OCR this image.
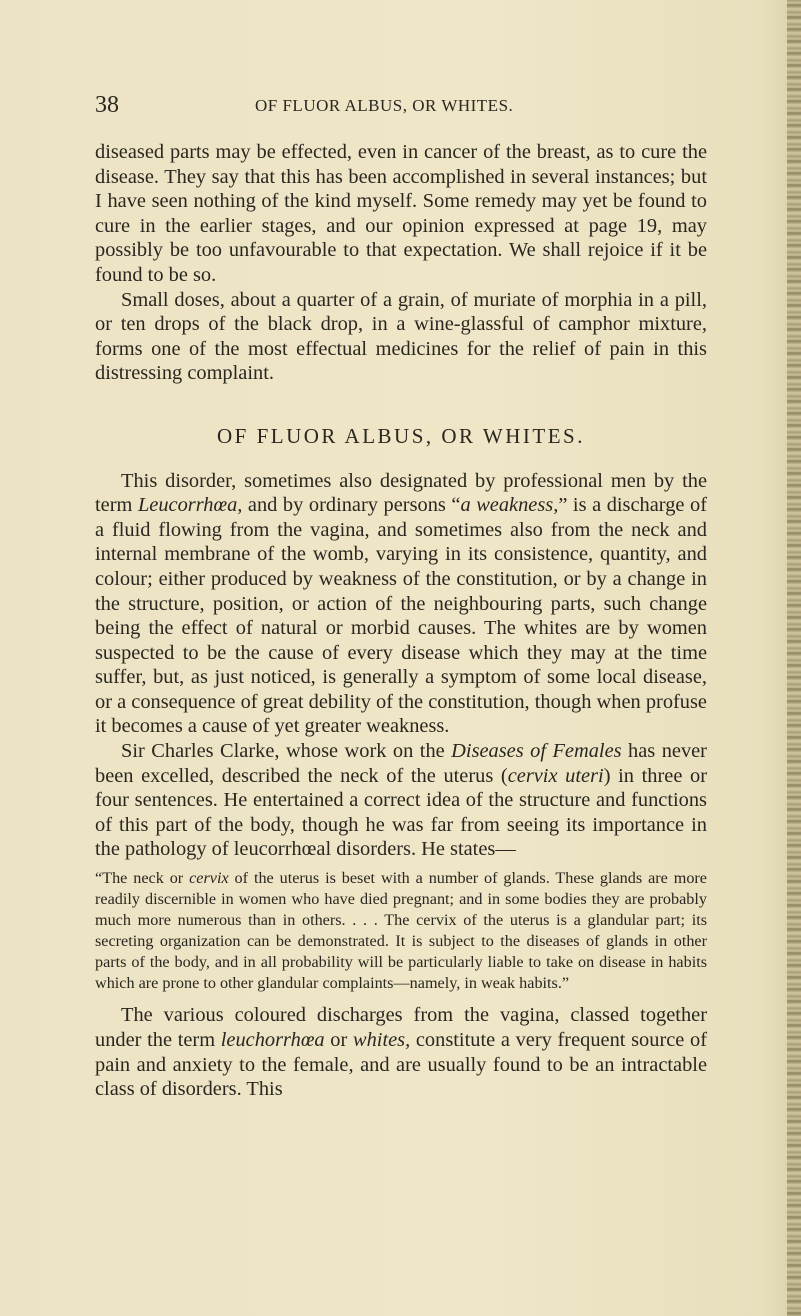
38	OF FLUOR ALBUS, OR WHITES.

diseased parts may be effected, even in cancer of the breast, as to cure the disease. They say that this has been accomplished in several instances; but I have seen nothing of the kind myself. Some remedy may yet be found to cure in the earlier stages, and our opinion expressed at page 19, may possibly be too unfavourable to that expectation. We shall rejoice if it be found to be so.

Small doses, about a quarter of a grain, of muriate of morphia in a pill, or ten drops of the black drop, in a wine-glassful of camphor mixture, forms one of the most effectual medicines for the relief of pain in this distressing complaint.

OF FLUOR ALBUS, OR WHITES.

This disorder, sometimes also designated by professional men by the term Leucorrhœa, and by ordinary persons “a weakness,” is a discharge of a fluid flowing from the vagina, and sometimes also from the neck and internal membrane of the womb, varying in its consistence, quantity, and colour; either produced by weakness of the constitution, or by a change in the structure, position, or action of the neighbouring parts, such change being the effect of natural or morbid causes. The whites are by women suspected to be the cause of every disease which they may at the time suffer, but, as just noticed, is generally a symptom of some local disease, or a consequence of great debility of the constitution, though when profuse it becomes a cause of yet greater weakness.

Sir Charles Clarke, whose work on the Diseases of Females has never been excelled, described the neck of the uterus (cervix uteri) in three or four sentences. He entertained a correct idea of the structure and functions of this part of the body, though he was far from seeing its importance in the pathology of leucorrhœal disorders. He states—

“The neck or cervix of the uterus is beset with a number of glands. These glands are more readily discernible in women who have died pregnant; and in some bodies they are probably much more numerous than in others. . . . The cervix of the uterus is a glandular part; its secreting organization can be demonstrated. It is subject to the diseases of glands in other parts of the body, and in all probability will be particularly liable to take on disease in habits which are prone to other glandular complaints—namely, in weak habits.”

The various coloured discharges from the vagina, classed together under the term leuchorrhœa or whites, constitute a very frequent source of pain and anxiety to the female, and are usually found to be an intractable class of disorders. This
